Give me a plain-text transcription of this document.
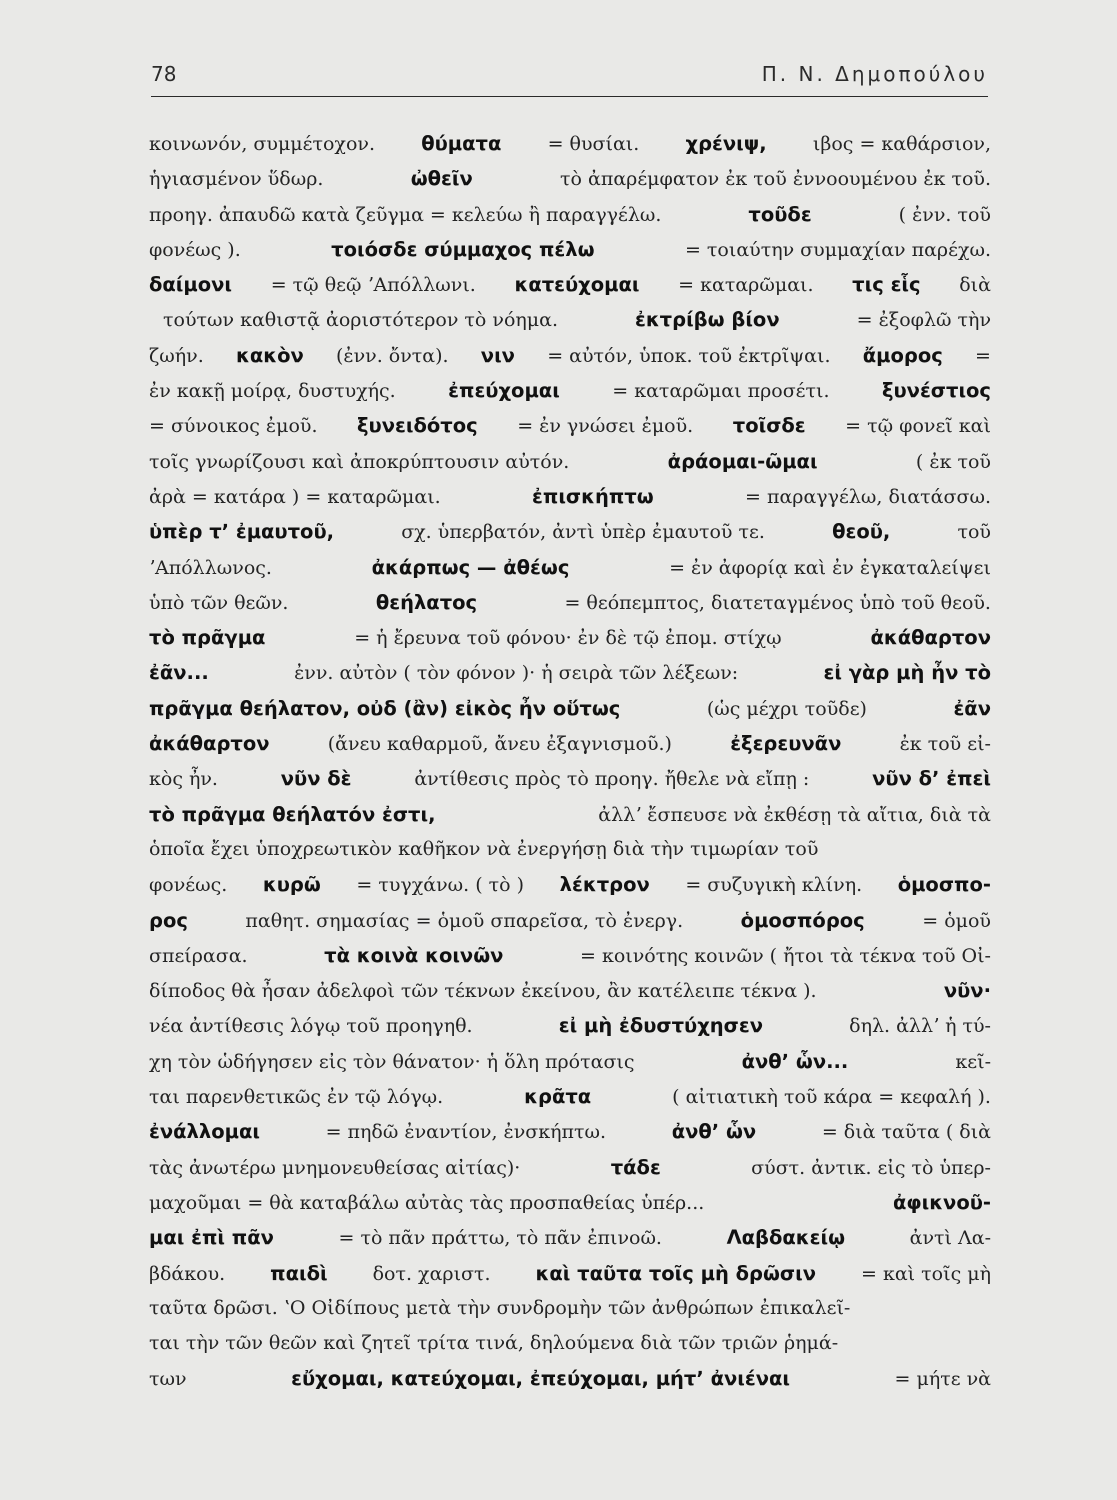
78	Π. Ν. Δημοπούλου
κοινωνόν, συμμέτοχον. θύματα = θυσίαι. χρένιψ, ιβος = καθάρσιον,
ἡγιασμένον ὕδωρ.	ὠθεῖν	τὸ ἀπαρέμφατον ἐκ τοῦ ἐννοουμένου ἐκ τοῦ.
προηγ. ἀπαυδῶ κατὰ ζεῦγμα = κελεύω ἢ παραγγέλω.	τοῦδε	( ἐνν. τοῦ
φονέως ).	τοιόσδε σύμμαχος πέλω	= τοιαύτην συμμαχίαν παρέχω.
δαίμονι = τῷ θεῷ ʼΑπόλλωνι. κατεύχομαι = καταρῶμαι. τις εἷς διὰ
τούτων καθιστᾷ ἀοριστότερον τὸ νόημα.	ἐκτρίβω βίον	= ἐξοφλῶ τὴν
ζωήν. κακὸν (ἐνν. ὄντα). νιν = αὐτόν, ὑποκ. τοῦ ἐκτρῖψαι. ἄμορος =
ἐν κακῇ μοίρᾳ, δυστυχής.	ἐπεύχομαι	= καταρῶμαι προσέτι.	ξυνέστιος
= σύνοικος ἐμοῦ. ξυνειδότος = ἐν γνώσει ἐμοῦ. τοῖσδε = τῷ φονεῖ καὶ
τοῖς γνωρίζουσι καὶ ἀποκρύπτουσιν αὐτόν.	ἀράομαι-ῶμαι	( ἐκ τοῦ
ἀρὰ = κατάρα ) = καταρῶμαι.	ἐπισκήπτω	= παραγγέλω, διατάσσω.
ὑπὲρ τʼ ἐμαυτοῦ,	σχ. ὑπερβατόν, ἀντὶ ὑπὲρ ἐμαυτοῦ τε.	θεοῦ,	τοῦ
ʼΑπόλλωνος.	ἀκάρπως — ἀθέως	= ἐν ἀφορίᾳ καὶ ἐν ἐγκαταλείψει
ὑπὸ τῶν θεῶν.	θεήλατος	= θεόπεμπτος, διατεταγμένος ὑπὸ τοῦ θεοῦ.
τὸ πρᾶγμα	= ἡ ἔρευνα τοῦ φόνου· ἐν δὲ τῷ ἐπομ. στίχῳ	ἀκάθαρτον
ἐᾶν...	ἐνν. αὐτὸν ( τὸν φόνον )· ἡ σειρὰ τῶν λέξεων:	εἰ γὰρ μὴ ἦν τὸ
πρᾶγμα θεήλατον, οὐδ (ἂν) εἰκὸς ἦν οὕτως	(ὡς μέχρι τοῦδε)	ἐᾶν
ἀκάθαρτον	(ἄνευ καθαρμοῦ, ἄνευ ἐξαγνισμοῦ.)	ἐξερευνᾶν	ἐκ τοῦ εἰ-
κὸς ἦν.	νῦν δὲ	ἀντίθεσις πρὸς τὸ προηγ. ἤθελε νὰ εἴπῃ :	νῦν δʼ ἐπεὶ
τὸ πρᾶγμα θεήλατόν ἐστι,	ἀλλʼ ἔσπευσε νὰ ἐκθέσῃ τὰ αἴτια, διὰ τὰ
ὁποῖα ἔχει ὑποχρεωτικὸν καθῆκον νὰ ἐνεργήσῃ διὰ τὴν τιμωρίαν τοῦ
φονέως. κυρῶ = τυγχάνω. ( τὸ ) λέκτρον = συζυγικὴ κλίνη. ὁμοσπο-
ρος	παθητ. σημασίας = ὁμοῦ σπαρεῖσα, τὸ ἐνεργ.	ὁμοσπόρος	= ὁμοῦ
σπείρασα.	τὰ κοινὰ κοινῶν	= κοινότης κοινῶν ( ἤτοι τὰ τέκνα τοῦ Οἰ-
δίποδος θὰ ἦσαν ἀδελφοὶ τῶν τέκνων ἐκείνου, ἂν κατέλειπε τέκνα ).	νῦν·
νέα ἀντίθεσις λόγῳ τοῦ προηγηθ.	εἰ μὴ ἐδυστύχησεν	δηλ. ἀλλʼ ἡ τύ-
χη τὸν ὡδήγησεν εἰς τὸν θάνατον· ἡ ὅλη πρότασις	ἀνθʼ ὧν...	κεῖ-
ται παρενθετικῶς ἐν τῷ λόγῳ.	κρᾶτα	( αἰτιατικὴ τοῦ κάρα = κεφαλή ).
ἐνάλλομαι	= πηδῶ ἐναντίον, ἐνσκήπτω.	ἀνθʼ ὧν	= διὰ ταῦτα ( διὰ
τὰς ἀνωτέρω μνημονευθείσας αἰτίας)·	τάδε	σύστ. ἀντικ. εἰς τὸ ὑπερ-
μαχοῦμαι = θὰ καταβάλω αὐτὰς τὰς προσπαθείας ὑπέρ...	ἀφικνοῦ-
μαι ἐπὶ πᾶν	= τὸ πᾶν πράττω, τὸ πᾶν ἐπινοῶ.	Λαβδακείῳ	ἀντὶ Λα-
βδάκου. παιδὶ δοτ. χαριστ. καὶ ταῦτα τοῖς μὴ δρῶσιν = καὶ τοῖς μὴ
ταῦτα δρῶσι. ʽΟ Οἰδίπους μετὰ τὴν συνδρομὴν τῶν ἀνθρώπων ἐπικαλεῖ-
ται τὴν τῶν θεῶν καὶ ζητεῖ τρίτα τινά, δηλούμενα διὰ τῶν τριῶν ῥημά-
των	εὔχομαι, κατεύχομαι, ἐπεύχομαι, μήτʼ ἀνιέναι	= μήτε νὰ
